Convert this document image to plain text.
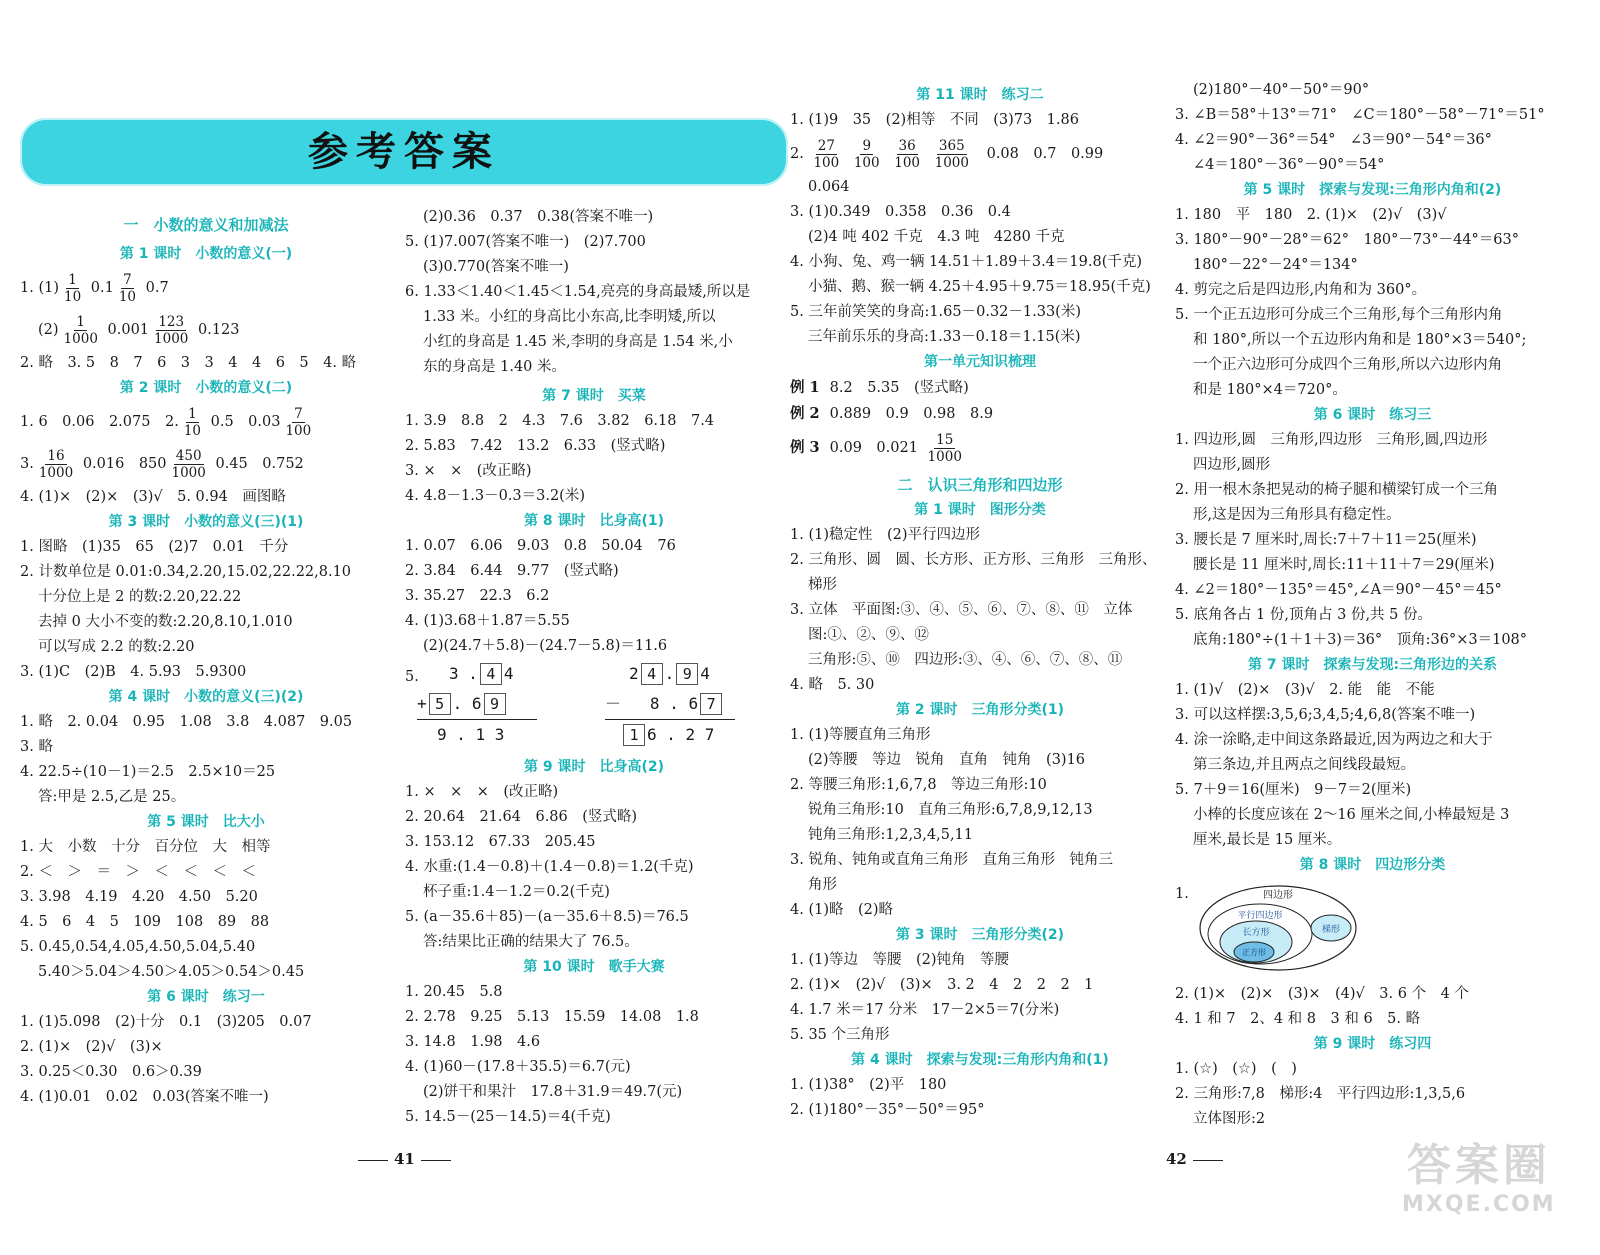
参考答案
一　小数的意义和加减法
第 1 课时　小数的意义(一)
1. $(1) \frac{1}{10} 0.1 \frac{7}{10} 0.7$
$(2) \frac{1}{1000} 0.001 \frac{123}{1000} 0.123$
2. 略　3. 5　8　7　6　3　3　4　4　6　5　4. 略
第 2 课时　小数的意义(二)
1. 6　0.06　2.075　2. $\frac{1}{10} 0.5$　$0.03 \frac{7}{100}$
3. $\frac{16}{1000} 0.016$　$850 \frac{450}{1000} 0.45$　0.752
4. (1)×　(2)×　(3)√　5. 0.94　画图略
第 3 课时　小数的意义(三)(1)
1. 图略　(1)35　65　(2)7　0.01　千分
2. 计数单位是 0.01:0.34,2.20,15.02,22.22,8.10
十分位上是 2 的数:2.20,22.22
去掉 0 大小不变的数:2.20,8.10,1.010
可以写成 2.2 的数:2.20
3. (1)C　(2)B　4. 5.93　5.9300
第 4 课时　小数的意义(三)(2)
1. 略　2. 0.04　0.95　1.08　3.8　4.087　9.05
3. 略
4. 22.5÷(10－1)＝2.5　2.5×10＝25
答:甲是 2.5,乙是 25。
第 5 课时　比大小
1. 大　小数　十分　百分位　大　相等
2. ＜　＞　＝　＞　＜　＜　＜　＜
3. 3.98　4.19　4.20　4.50　5.20
4. 5　6　4　5　109　108　89　88
5. 0.45,0.54,4.05,4.50,5.04,5.40
5.40＞5.04＞4.50＞4.05＞0.54＞0.45
第 6 课时　练习一
1. (1)5.098　(2)十分　0.1　(3)205　0.07
2. (1)×　(2)√　(3)×
3. 0.25＜0.30　0.6＞0.39
4. (1)0.01　0.02　0.03(答案不唯一)
(2)0.36　0.37　0.38(答案不唯一)
5. (1)7.007(答案不唯一)　(2)7.700
(3)0.770(答案不唯一)
6. 1.33＜1.40＜1.45＜1.54,亮亮的身高最矮,所以是
1.33 米。小红的身高比小东高,比李明矮,所以
小红的身高是 1.45 米,李明的身高是 1.54 米,小
东的身高是 1.40 米。
第 7 课时　买菜
1. 3.9　8.8　2　4.3　7.6　3.82　6.18　7.4
2. 5.83　7.42　13.2　6.33　(竖式略)
3. ×　×　(改正略)
4. 4.8－1.3－0.3＝3.2(米)
第 8 课时　比身高(1)
1. 0.07　6.06　9.03　0.8　50.04　76
2. 3.84　6.44　9.77　(竖式略)
3. 35.27　22.3　6.2
4. (1)3.68＋1.87＝5.55
(2)(24.7＋5.8)－(24.7－5.8)＝11.6
5.	3 . 4 4
+ 5 . 6 9
9 . 1 3
2 4 . 9 4
－ 8 . 6 7
1 6 . 2 7
第 9 课时　比身高(2)
1. ×　×　×　(改正略)
2. 20.64　21.64　6.86　(竖式略)
3. 153.12　67.33　205.45
4. 水重:(1.4－0.8)＋(1.4－0.8)＝1.2(千克)
杯子重:1.4－1.2＝0.2(千克)
5. (a－35.6＋85)－(a－35.6＋8.5)＝76.5
答:结果比正确的结果大了 76.5。
第 10 课时　歌手大赛
1. 20.45　5.8
2. 2.78　9.25　5.13　15.59　14.08　1.8
3. 14.8　1.98　4.6
4. (1)60－(17.8＋35.5)＝6.7(元)
(2)饼干和果汁　17.8＋31.9＝49.7(元)
5. 14.5－(25－14.5)＝4(千克)
41
第 11 课时　练习二
1. (1)9　35　(2)相等　不同　(3)73　1.86
2. $\frac{27}{100}$
$\frac{9}{100}$
$\frac{36}{100}$
$\frac{365}{1000} 0.08$　0.7　0.99
0.064
3. (1)0.349　0.358　0.36　0.4
(2)4 吨 402 千克　4.3 吨　4280 千克
4. 小狗、兔、鸡一辆 14.51＋1.89＋3.4＝19.8(千克)
小猫、鹅、猴一辆 4.25＋4.95＋9.75＝18.95(千克)
5. 三年前笑笑的身高:1.65－0.32－1.33(米)
三年前乐乐的身高:1.33－0.18＝1.15(米)
第一单元知识梳理
例 1 8.2　5.35　(竖式略)
例 2 0.889　0.9　0.98　8.9
例 3 0.09　$0.021 \frac{15}{1000}$
二　认识三角形和四边形
第 1 课时　图形分类
1. (1)稳定性　(2)平行四边形
2. 三角形、圆　圆、长方形、正方形、三角形　三角形、
梯形
3. 立体　平面图:③、④、⑤、⑥、⑦、⑧、⑪　立体
图:①、②、⑨、⑫
三角形:⑤、⑩　四边形:③、④、⑥、⑦、⑧、⑪
4. 略　5. 30
第 2 课时　三角形分类(1)
1. (1)等腰直角三角形
(2)等腰　等边　锐角　直角　钝角　(3)16
2. 等腰三角形:1,6,7,8　等边三角形:10
锐角三角形:10　直角三角形:6,7,8,9,12,13
钝角三角形:1,2,3,4,5,11
3. 锐角、钝角或直角三角形　直角三角形　钝角三
角形
4. (1)略　(2)略
第 3 课时　三角形分类(2)
1. (1)等边　等腰　(2)钝角　等腰
2. (1)×　(2)√　(3)×　3. 2　4　2　2　2　1
4. 1.7 米＝17 分米　17－2×5＝7(分米)
5. 35 个三角形
第 4 课时　探索与发现:三角形内角和(1)
1. (1)38°　(2)平　180
2. (1)180°－35°－50°＝95°
42
(2)180°－40°－50°＝90°
3. ∠B＝58°＋13°＝71°　∠C＝180°－58°－71°＝51°
4. ∠2＝90°－36°＝54°　∠3＝90°－54°＝36°
∠4＝180°－36°－90°＝54°
第 5 课时　探索与发现:三角形内角和(2)
1. 180　平　180　2. (1)×　(2)√　(3)√
3. 180°－90°－28°＝62°　180°－73°－44°＝63°
180°－22°－24°＝134°
4. 剪完之后是四边形,内角和为 360°。
5. 一个正五边形可分成三个三角形,每个三角形内角
和 180°,所以一个五边形内角和是 180°×3＝540°;
一个正六边形可分成四个三角形,所以六边形内角
和是 180°×4＝720°。
第 6 课时　练习三
1. 四边形,圆　三角形,四边形　三角形,圆,四边形
四边形,圆形
2. 用一根木条把晃动的椅子腿和横梁钉成一个三角
形,这是因为三角形具有稳定性。
3. 腰长是 7 厘米时,周长:7＋7＋11＝25(厘米)
腰长是 11 厘米时,周长:11＋11＋7＝29(厘米)
4. ∠2＝180°－135°＝45°,∠A＝90°－45°＝45°
5. 底角各占 1 份,顶角占 3 份,共 5 份。
底角:180°÷(1＋1＋3)＝36°　顶角:36°×3＝108°
第 7 课时　探索与发现:三角形边的关系
1. (1)√　(2)×　(3)√　2. 能　能　不能
3. 可以这样摆:3,5,6;3,4,5;4,6,8(答案不唯一)
4. 涂一涂略,走中间这条路最近,因为两边之和大于
第三条边,并且两点之间线段最短。
5. 7＋9＝16(厘米)　9－7＝2(厘米)
小棒的长度应该在 2～16 厘米之间,小棒最短是 3
厘米,最长是 15 厘米。
第 8 课时　四边形分类
1.
2. (1)×　(2)×　(3)×　(4)√　3. 6 个　4 个
4. 1 和 7　2、4 和 8　3 和 6　5. 略
第 9 课时　练习四
1. (☆)　(☆)　(　)
2. 三角形:7,8　梯形:4　平行四边形:1,3,5,6
立体图形:2
四边形
平行四边形
长方形
正方形
梯形
答案圈
MXQE.COM
